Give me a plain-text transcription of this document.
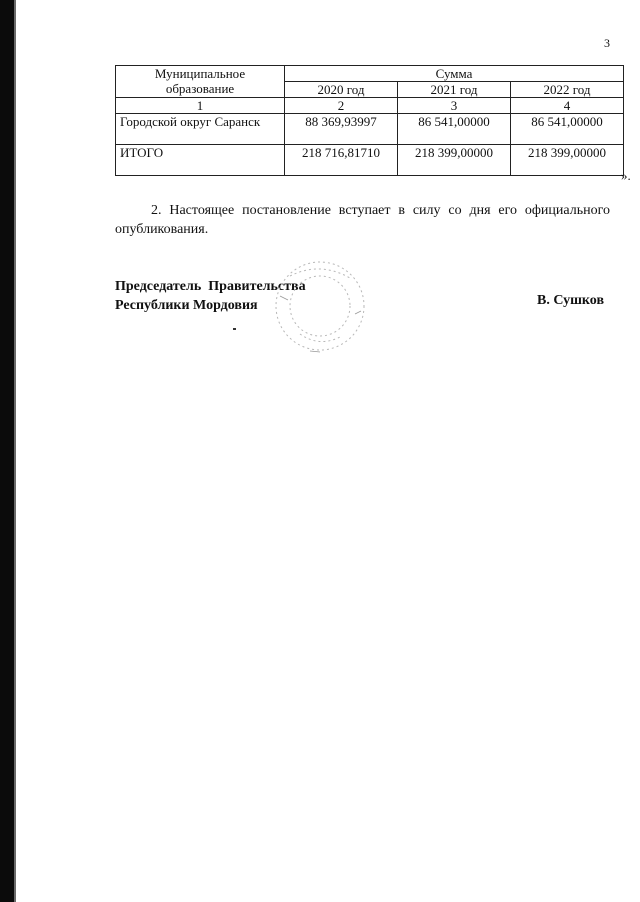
3
Муниципальное образование	Сумма		
	2020 год	2021 год	2022 год
1	2	3	4
Городской округ Саранск	88 369,93997	86 541,00000	86 541,00000
ИТОГО	218 716,81710	218 399,00000	218 399,00000
».

2. Настоящее постановление вступает в силу со дня его официального опубликования.

Председатель  Правительства
Республики Мордовия	В. Сушков
